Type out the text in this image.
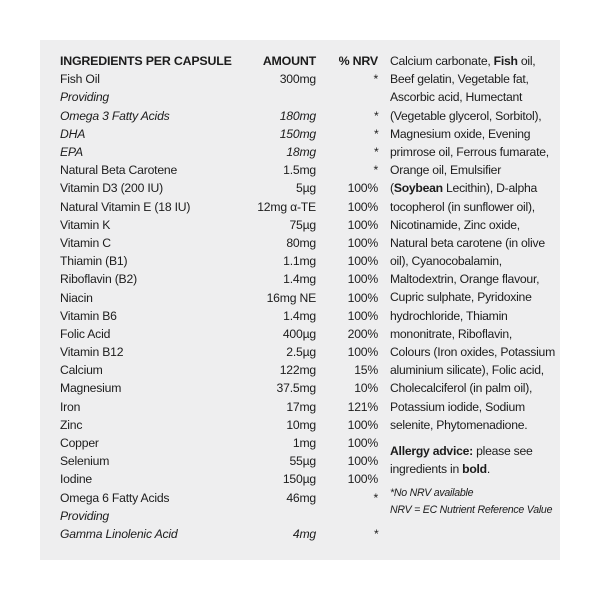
INGREDIENTS PER CAPSULE	AMOUNT	% NRV
Fish Oil	300mg	*
Providing
Omega 3 Fatty Acids	180mg	*
DHA	150mg	*
EPA	18mg	*
Natural Beta Carotene	1.5mg	*
Vitamin D3 (200 IU)	5µg	100%
Natural Vitamin E (18 IU)	12mg α-TE	100%
Vitamin K	75µg	100%
Vitamin C	80mg	100%
Thiamin (B1)	1.1mg	100%
Riboflavin (B2)	1.4mg	100%
Niacin	16mg NE	100%
Vitamin B6	1.4mg	100%
Folic Acid	400µg	200%
Vitamin B12	2.5µg	100%
Calcium	122mg	15%
Magnesium	37.5mg	10%
Iron	17mg	121%
Zinc	10mg	100%
Copper	1mg	100%
Selenium	55µg	100%
Iodine	150µg	100%
Omega 6 Fatty Acids	46mg	*
Providing
Gamma Linolenic Acid	4mg	*
Calcium carbonate, Fish oil,
Beef gelatin, Vegetable fat,
Ascorbic acid, Humectant
(Vegetable glycerol, Sorbitol),
Magnesium oxide, Evening
primrose oil, Ferrous fumarate,
Orange oil, Emulsifier
(Soybean Lecithin), D-alpha
tocopherol (in sunflower oil),
Nicotinamide, Zinc oxide,
Natural beta carotene (in olive
oil), Cyanocobalamin,
Maltodextrin, Orange flavour,
Cupric sulphate, Pyridoxine
hydrochloride, Thiamin
mononitrate, Riboflavin,
Colours (Iron oxides, Potassium
aluminium silicate), Folic acid,
Cholecalciferol (in palm oil),
Potassium iodide, Sodium
selenite, Phytomenadione.
Allergy advice: please see
ingredients in bold.
*No NRV available
NRV = EC Nutrient Reference Value
